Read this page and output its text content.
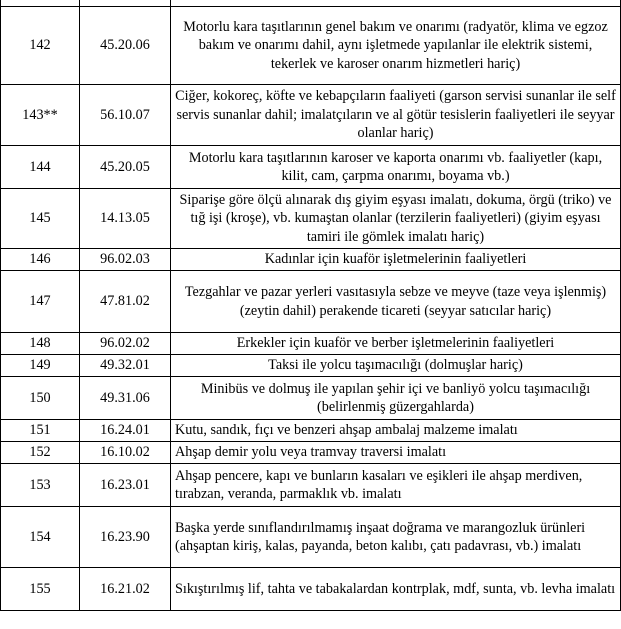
142	45.20.06	Motorlu kara taşıtlarının genel bakım ve onarımı (radyatör, klima ve egzoz bakım ve onarımı dahil, aynı işletmede yapılanlar ile elektrik sistemi, tekerlek ve karoser onarım hizmetleri hariç)
143**	56.10.07	Ciğer, kokoreç, köfte ve kebapçıların faaliyeti (garson servisi sunanlar ile self servis sunanlar dahil; imalatçıların ve al götür tesislerin faaliyetleri ile seyyar olanlar hariç)
144	45.20.05	Motorlu kara taşıtlarının karoser ve kaporta onarımı vb. faaliyetler (kapı, kilit, cam, çarpma onarımı, boyama vb.)
145	14.13.05	Siparişe göre ölçü alınarak dış giyim eşyası imalatı, dokuma, örgü (triko) ve tığ işi (kroşe), vb. kumaştan olanlar (terzilerin faaliyetleri) (giyim eşyası tamiri ile gömlek imalatı hariç)
146	96.02.03	Kadınlar için kuaför işletmelerinin faaliyetleri
147	47.81.02	Tezgahlar ve pazar yerleri vasıtasıyla sebze ve meyve (taze veya işlenmiş) (zeytin dahil) perakende ticareti (seyyar satıcılar hariç)
148	96.02.02	Erkekler için kuaför ve berber işletmelerinin faaliyetleri
149	49.32.01	Taksi ile yolcu taşımacılığı (dolmuşlar hariç)
150	49.31.06	Minibüs ve dolmuş ile yapılan şehir içi ve banliyö yolcu taşımacılığı (belirlenmiş güzergahlarda)
151	16.24.01	Kutu, sandık, fıçı ve benzeri ahşap ambalaj malzeme imalatı
152	16.10.02	Ahşap demir yolu veya tramvay traversi imalatı
153	16.23.01	Ahşap pencere, kapı ve bunların kasaları ve eşikleri ile ahşap merdiven, tırabzan, veranda, parmaklık vb. imalatı
154	16.23.90	Başka yerde sınıflandırılmamış inşaat doğrama ve marangozluk ürünleri (ahşaptan kiriş, kalas, payanda, beton kalıbı, çatı padavrası, vb.) imalatı
155	16.21.02	Sıkıştırılmış lif, tahta ve tabakalardan kontrplak, mdf, sunta, vb. levha imalatı
